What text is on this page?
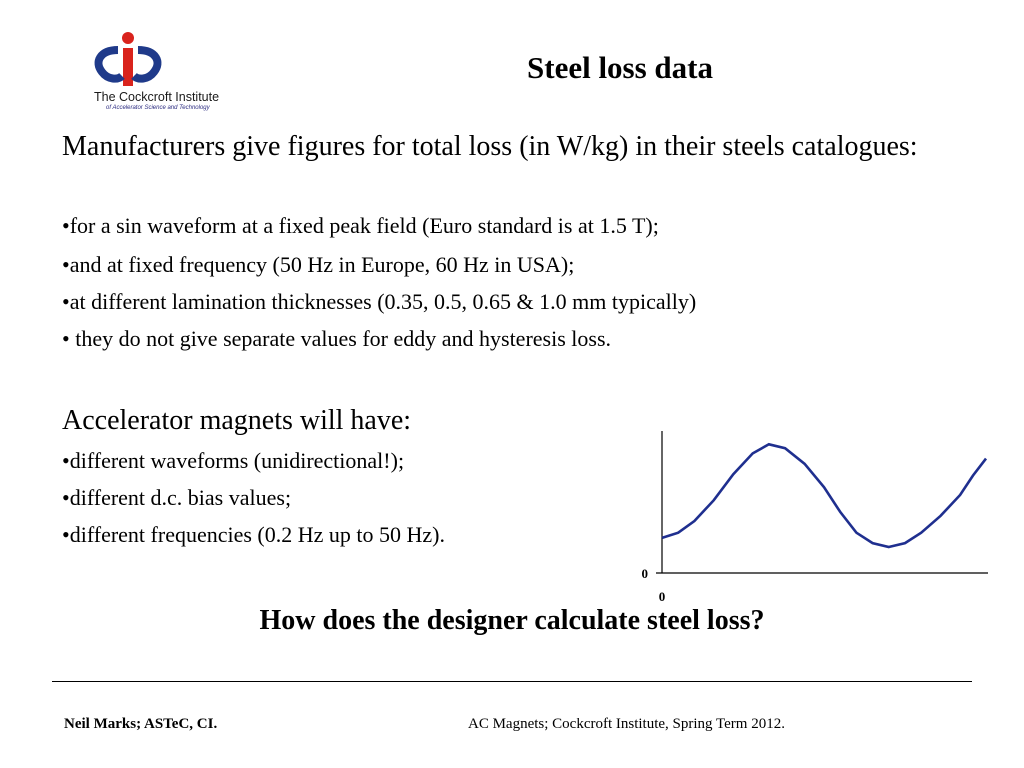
The Cockcroft Institute
of Accelerator Science and Technology
Steel loss data
Manufacturers give figures for total loss (in W/kg) in their steels catalogues:
•for a sin waveform at a fixed peak field (Euro standard is at 1.5 T);
•and at fixed frequency (50 Hz in Europe, 60 Hz in USA);
•at different lamination thicknesses (0.35, 0.5, 0.65 & 1.0 mm typically)
• they do not give separate values for eddy and hysteresis loss.
Accelerator magnets will have:
•different waveforms (unidirectional!);
•different d.c. bias values;
•different frequencies (0.2 Hz up to 50 Hz).
0
0
How does the designer calculate steel loss?
Neil Marks; ASTeC, CI.	AC Magnets; Cockcroft Institute, Spring Term 2012.
